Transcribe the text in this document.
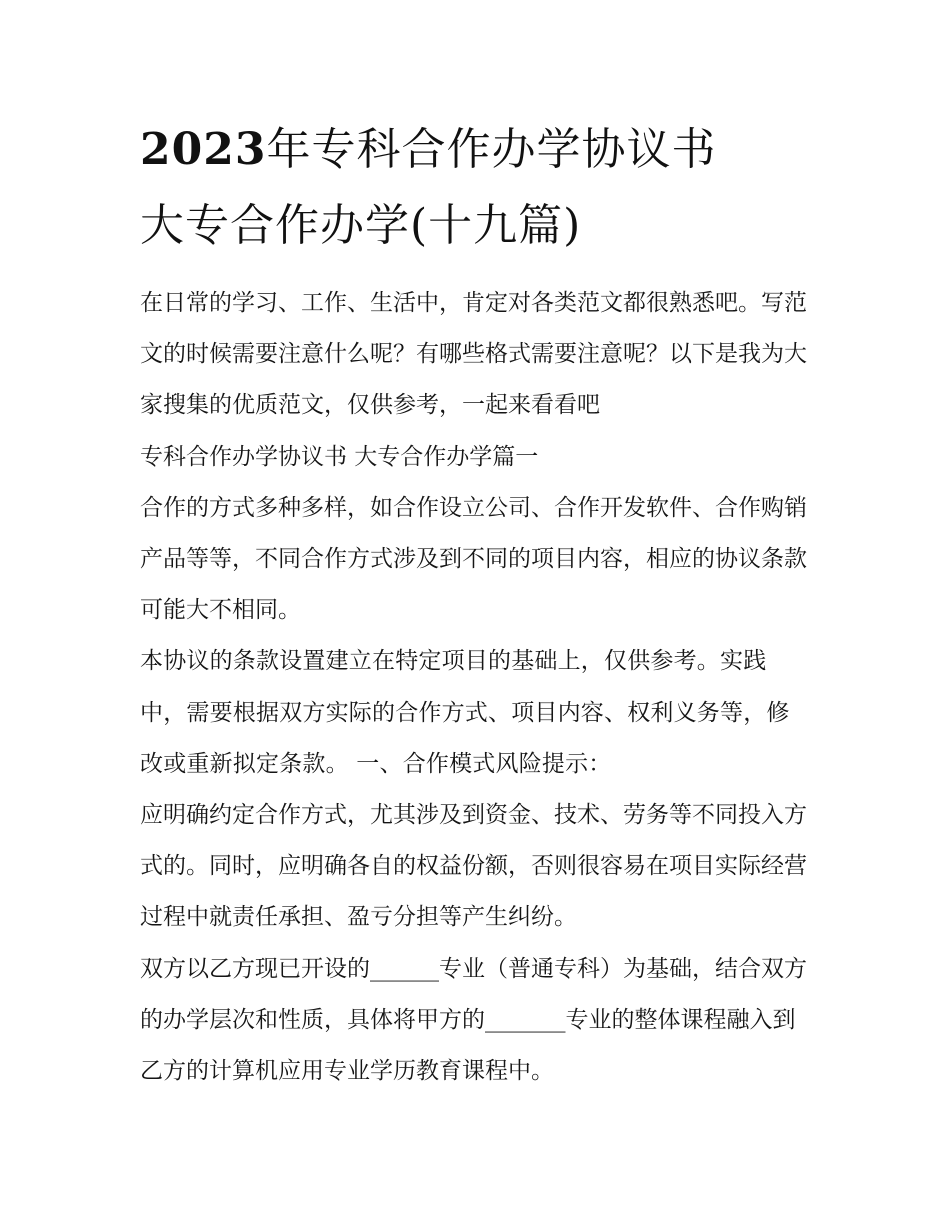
2023年专科合作办学协议书
大专合作办学(十九篇)

在日常的学习、工作、生活中，肯定对各类范文都很熟悉吧。写范文的时候需要注意什么呢？有哪些格式需要注意呢？以下是我为大家搜集的优质范文，仅供参考，一起来看看吧

专科合作办学协议书 大专合作办学篇一

合作的方式多种多样，如合作设立公司、合作开发软件、合作购销产品等等，不同合作方式涉及到不同的项目内容，相应的协议条款可能大不相同。

本协议的条款设置建立在特定项目的基础上，仅供参考。实践中，需要根据双方实际的合作方式、项目内容、权利义务等，修改或重新拟定条款。 一、合作模式风险提示：

应明确约定合作方式，尤其涉及到资金、技术、劳务等不同投入方式的。同时，应明确各自的权益份额，否则很容易在项目实际经营过程中就责任承担、盈亏分担等产生纠纷。

双方以乙方现已开设的______专业（普通专科）为基础，结合双方的办学层次和性质，具体将甲方的_______专业的整体课程融入到乙方的计算机应用专业学历教育课程中。
